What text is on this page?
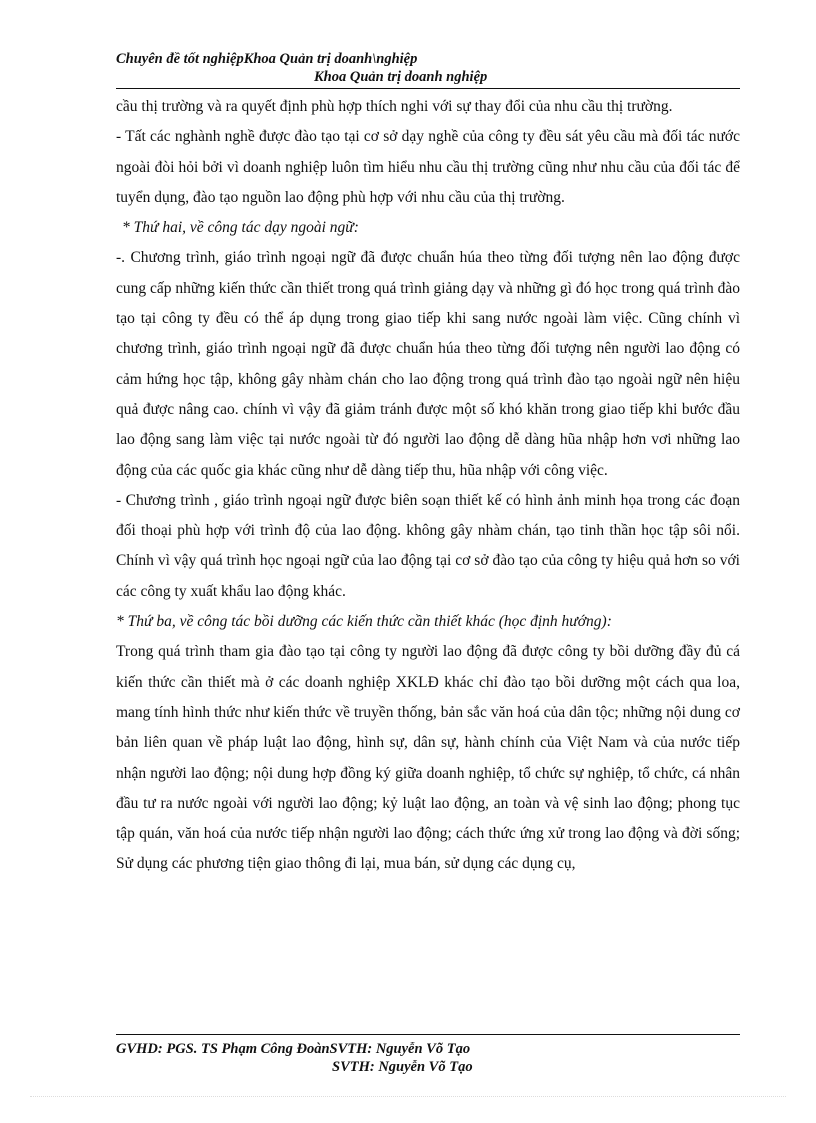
Chuyên đề tốt nghiệpKhoa Quản trị doanh\nghiệp
Khoa Quản trị doanh nghiệp

cầu thị trường và ra quyết định phù hợp thích nghi với sự thay đổi của nhu cầu thị trường.

- Tất các nghành nghề được đào tạo tại cơ sở dạy nghề của công ty đều sát yêu cầu mà đối tác nước ngoài đòi hỏi bởi vì doanh nghiệp luôn tìm hiểu nhu cầu thị trường cũng như nhu cầu của đối tác để tuyển dụng, đào tạo nguồn lao động phù hợp với nhu cầu của thị trường.

* Thứ hai, về công tác dạy ngoài ngữ:

-. Chương trình, giáo trình ngoại ngữ đã được chuẩn húa theo từng đối tượng nên lao động được cung cấp những kiến thức cần thiết trong quá trình giảng dạy và những gì đó học trong quá trình đào tạo tại công ty đều có thể áp dụng trong giao tiếp khi sang nước ngoài làm việc. Cũng chính vì chương trình, giáo trình ngoại ngữ đã được chuẩn húa theo từng đối tượng nên người lao động có cảm hứng học tập, không gây nhàm chán cho lao động trong quá trình đào tạo ngoài ngữ nên hiệu quả được nâng cao. chính vì vậy đã giảm tránh được một số khó khăn trong giao tiếp khi bước đầu lao động sang làm việc tại nước ngoài từ đó người lao động dễ dàng hũa nhập hơn vơi những lao động của các quốc gia khác cũng như dễ dàng tiếp thu, hũa nhập với công việc.

- Chương trình , giáo trình ngoại ngữ được biên soạn thiết kế có hình ảnh minh họa trong các đoạn đối thoại phù hợp với trình độ của lao động. không gây nhàm chán, tạo tinh thần học tập sôi nổi. Chính vì vậy quá trình học ngoại ngữ của lao động tại cơ sở đào tạo của công ty hiệu quả hơn so với các công ty xuất khẩu lao động khác.

* Thứ ba, về công tác bồi dưỡng các kiến thức cần thiết khác (học định hướng):

Trong quá trình tham gia đào tạo tại công ty người lao động đã được công ty bồi dưỡng đầy đủ cá kiến thức cần thiết mà ở các doanh nghiệp XKLĐ khác chỉ đào tạo bồi dưỡng một cách qua loa, mang tính hình thức như kiến thức về truyền thống, bản sắc văn hoá của dân tộc; những nội dung cơ bản liên quan về pháp luật lao động, hình sự, dân sự, hành chính của Việt Nam và của nước tiếp nhận người lao động; nội dung hợp đồng ký giữa doanh nghiệp, tổ chức sự nghiệp, tổ chức, cá nhân đầu tư ra nước ngoài với người lao động; kỷ luật lao động, an toàn và vệ sinh lao động; phong tục tập quán, văn hoá của nước tiếp nhận người lao động; cách thức ứng xử trong lao động và đời sống; Sử dụng các phương tiện giao thông đi lại, mua bán, sử dụng các dụng cụ,

GVHD: PGS. TS Phạm Công ĐoànSVTH: Nguyễn Võ Tạo
SVTH: Nguyễn Võ Tạo
